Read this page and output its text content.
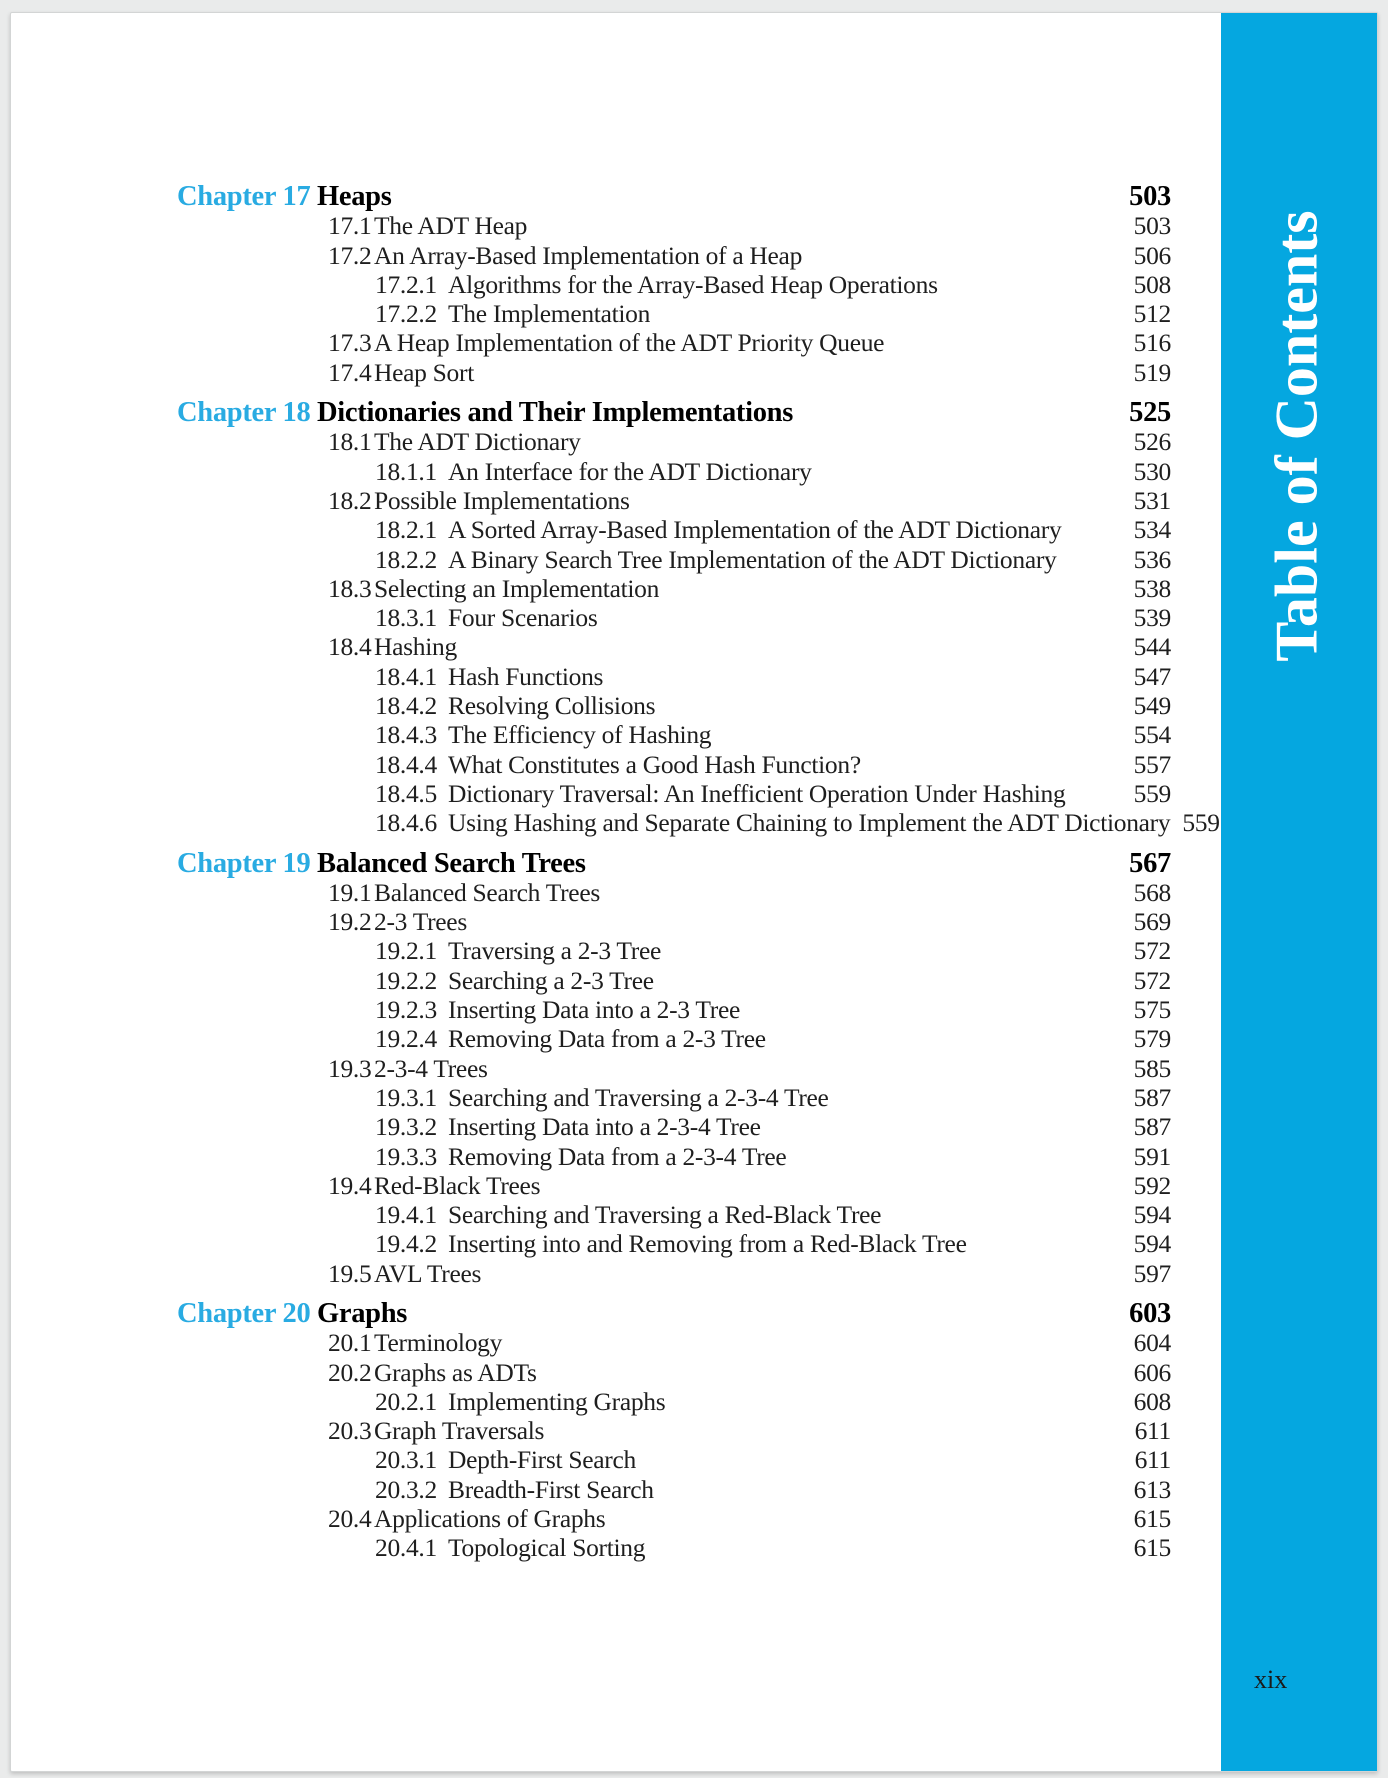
Chapter 17 Heaps	503
17.1 The ADT Heap	503
17.2 An Array-Based Implementation of a Heap	506
17.2.1 Algorithms for the Array-Based Heap Operations	508
17.2.2 The Implementation	512
17.3 A Heap Implementation of the ADT Priority Queue	516
17.4 Heap Sort	519
Chapter 18 Dictionaries and Their Implementations	525
18.1 The ADT Dictionary	526
18.1.1 An Interface for the ADT Dictionary	530
18.2 Possible Implementations	531
18.2.1 A Sorted Array-Based Implementation of the ADT Dictionary	534
18.2.2 A Binary Search Tree Implementation of the ADT Dictionary	536
18.3 Selecting an Implementation	538
18.3.1 Four Scenarios	539
18.4 Hashing	544
18.4.1 Hash Functions	547
18.4.2 Resolving Collisions	549
18.4.3 The Efficiency of Hashing	554
18.4.4 What Constitutes a Good Hash Function?	557
18.4.5 Dictionary Traversal: An Inefficient Operation Under Hashing	559
18.4.6 Using Hashing and Separate Chaining to Implement the ADT Dictionary 559
Chapter 19 Balanced Search Trees	567
19.1 Balanced Search Trees	568
19.2 2-3 Trees	569
19.2.1 Traversing a 2-3 Tree	572
19.2.2 Searching a 2-3 Tree	572
19.2.3 Inserting Data into a 2-3 Tree	575
19.2.4 Removing Data from a 2-3 Tree	579
19.3 2-3-4 Trees	585
19.3.1 Searching and Traversing a 2-3-4 Tree	587
19.3.2 Inserting Data into a 2-3-4 Tree	587
19.3.3 Removing Data from a 2-3-4 Tree	591
19.4 Red-Black Trees	592
19.4.1 Searching and Traversing a Red-Black Tree	594
19.4.2 Inserting into and Removing from a Red-Black Tree	594
19.5 AVL Trees	597
Chapter 20 Graphs	603
20.1 Terminology	604
20.2 Graphs as ADTs	606
20.2.1 Implementing Graphs	608
20.3 Graph Traversals	611
20.3.1 Depth-First Search	611
20.3.2 Breadth-First Search	613
20.4 Applications of Graphs	615
20.4.1 Topological Sorting	615
Table of Contents
xix
